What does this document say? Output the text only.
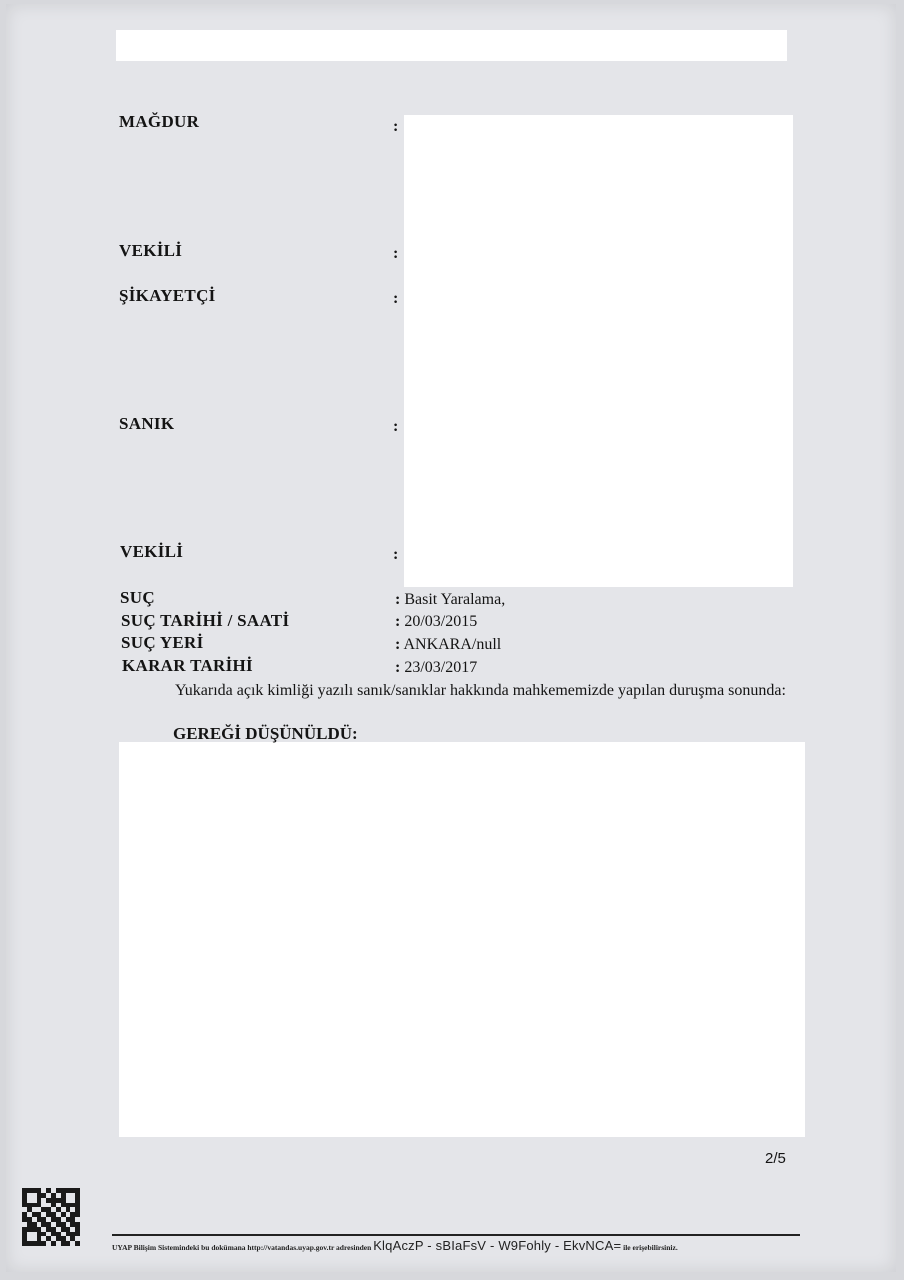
MAĞDUR	:
VEKİLİ	:
ŞİKAYETÇİ	:
SANIK	:
VEKİLİ	:
SUÇ	: Basit Yaralama,
SUÇ TARİHİ / SAATİ	: 20/03/2015
SUÇ YERİ	: ANKARA/null
KARAR TARİHİ	: 23/03/2017
Yukarıda açık kimliği yazılı sanık/sanıklar hakkında mahkememizde yapılan duruşma sonunda:
GEREĞİ DÜŞÜNÜLDÜ:
2/5
UYAP Bilişim Sistemindeki bu dokümana http://vatandas.uyap.gov.tr adresinden KlqAczP - sBIaFsV - W9Fohly - EkvNCA= ile erişebilirsiniz.
